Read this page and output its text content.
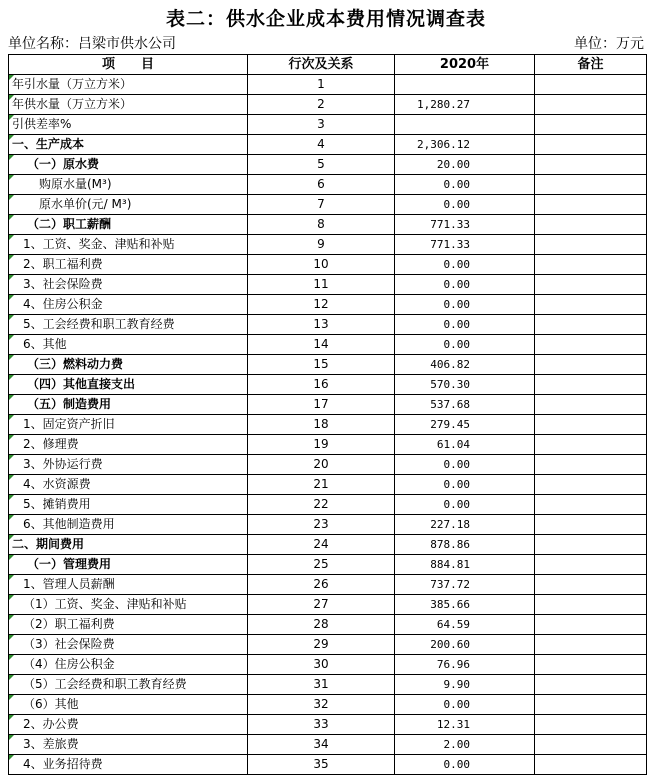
表二：供水企业成本费用情况调查表
单位名称：吕梁市供水公司	单位：万元
项　　目	行次及关系	2020年	备注
年引水量（万立方米）	1		
年供水量（万立方米）	2	1,280.27	
引供差率%	3		
一、生产成本	4	2,306.12	
（一）原水费	5	20.00	
购原水量(M³)	6	0.00	
原水单价(元/ M³)	7	0.00	
（二）职工薪酬	8	771.33	
1、工资、奖金、津贴和补贴	9	771.33	
2、职工福利费	10	0.00	
3、社会保险费	11	0.00	
4、住房公积金	12	0.00	
5、工会经费和职工教育经费	13	0.00	
6、其他	14	0.00	
（三）燃料动力费	15	406.82	
（四）其他直接支出	16	570.30	
（五）制造费用	17	537.68	
1、固定资产折旧	18	279.45	
2、修理费	19	61.04	
3、外协运行费	20	0.00	
4、水资源费	21	0.00	
5、摊销费用	22	0.00	
6、其他制造费用	23	227.18	
二、期间费用	24	878.86	
（一）管理费用	25	884.81	
1、管理人员薪酬	26	737.72	
（1）工资、奖金、津贴和补贴	27	385.66	
（2）职工福利费	28	64.59	
（3）社会保险费	29	200.60	
（4）住房公积金	30	76.96	
（5）工会经费和职工教育经费	31	9.90	
（6）其他	32	0.00	
2、办公费	33	12.31	
3、差旅费	34	2.00	
4、业务招待费	35	0.00	
